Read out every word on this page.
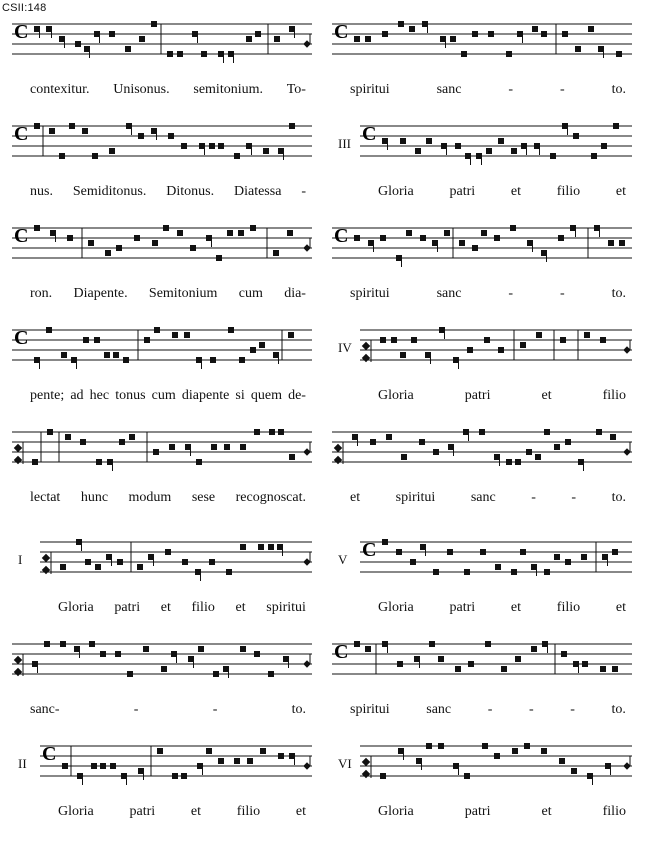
CSII:148
C
contexitur. Unisonus. semitonium. To-
C
nus. Semiditonus. Ditonus. Diatessa -
C
ron. Diapente. Semitonium cum dia-
C
pente; ad hec tonus cum diapente si quem de-
lectat hunc modum sese recognoscat.
I
Gloria patri et filio et spiritui
sanc-	-	-	to.
II C
Gloria	patri	et	filio	et
C
spiritui	sanc	-	-	to.
III C
Gloria	patri	et	filio	et
C
spiritui	sanc	-	-	to.
IV
Gloria	patri	et	filio
et	spiritui	sanc	-	-	to.
V C
Gloria	patri	et	filio	et
C
spiritui	sanc	-	-	-	to.
VI
Gloria	patri	et	filio
